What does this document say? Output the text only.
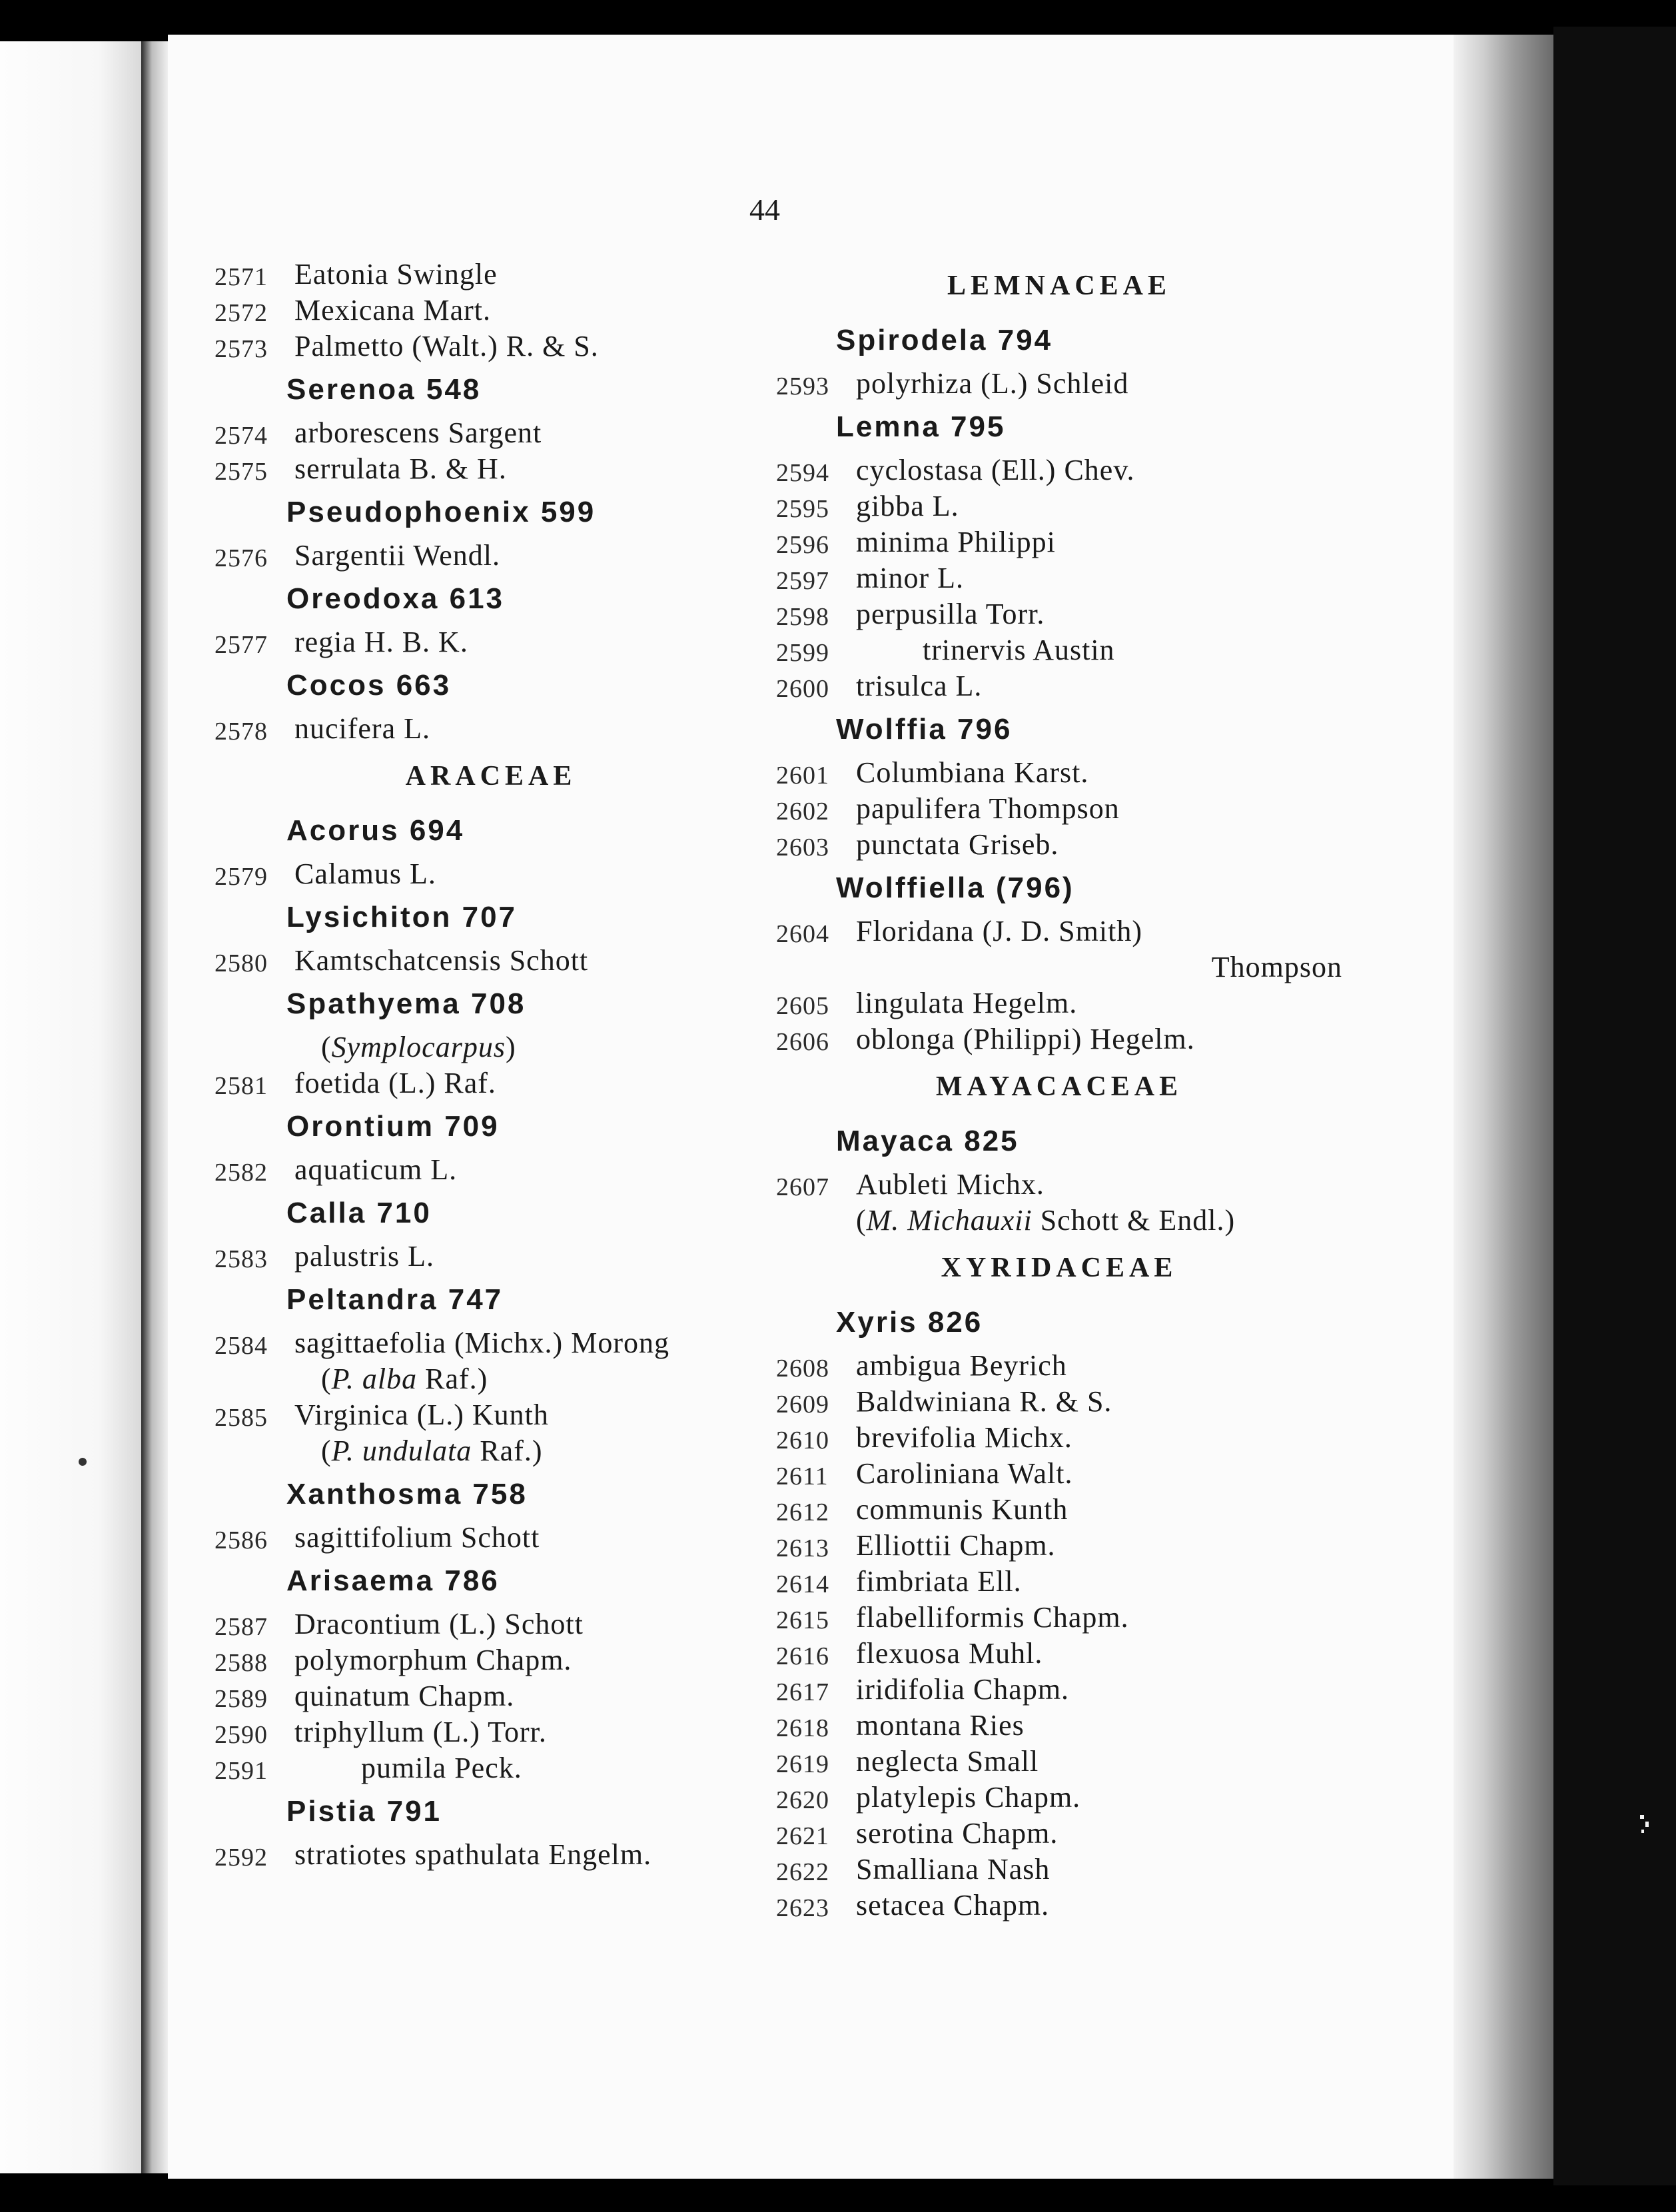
44
2571 Eatonia Swingle
2572 Mexicana Mart.
2573 Palmetto (Walt.) R. & S.
Serenoa 548
2574 arborescens Sargent
2575 serrulata B. & H.
Pseudophoenix 599
2576 Sargentii Wendl.
Oreodoxa 613
2577 regia H. B. K.
Cocos 663
2578 nucifera L.
ARACEAE
Acorus 694
2579 Calamus L.
Lysichiton 707
2580 Kamtschatcensis Schott
Spathyema 708
(Symplocarpus)
2581 foetida (L.) Raf.
Orontium 709
2582 aquaticum L.
Calla 710
2583 palustris L.
Peltandra 747
2584 sagittaefolia (Michx.) Morong
(P. alba Raf.)
2585 Virginica (L.) Kunth
(P. undulata Raf.)
Xanthosma 758
2586 sagittifolium Schott
Arisaema 786
2587 Dracontium (L.) Schott
2588 polymorphum Chapm.
2589 quinatum Chapm.
2590 triphyllum (L.) Torr.
2591	pumila Peck.
Pistia 791
2592 stratiotes spathulata Engelm.
LEMNACEAE
Spirodela 794
2593 polyrhiza (L.) Schleid
Lemna 795
2594 cyclostasa (Ell.) Chev.
2595 gibba L.
2596 minima Philippi
2597 minor L.
2598 perpusilla Torr.
2599	trinervis Austin
2600 trisulca L.
Wolffia 796
2601 Columbiana Karst.
2602 papulifera Thompson
2603 punctata Griseb.
Wolffiella (796)
2604 Floridana (J. D. Smith)
Thompson
2605 lingulata Hegelm.
2606 oblonga (Philippi) Hegelm.
MAYACACEAE
Mayaca 825
2607 Aubleti Michx.
(M. Michauxii Schott & Endl.)
XYRIDACEAE
Xyris 826
2608 ambigua Beyrich
2609 Baldwiniana R. & S.
2610 brevifolia Michx.
2611 Caroliniana Walt.
2612 communis Kunth
2613 Elliottii Chapm.
2614 fimbriata Ell.
2615 flabelliformis Chapm.
2616 flexuosa Muhl.
2617 iridifolia Chapm.
2618 montana Ries
2619 neglecta Small
2620 platylepis Chapm.
2621 serotina Chapm.
2622 Smalliana Nash
2623 setacea Chapm.
